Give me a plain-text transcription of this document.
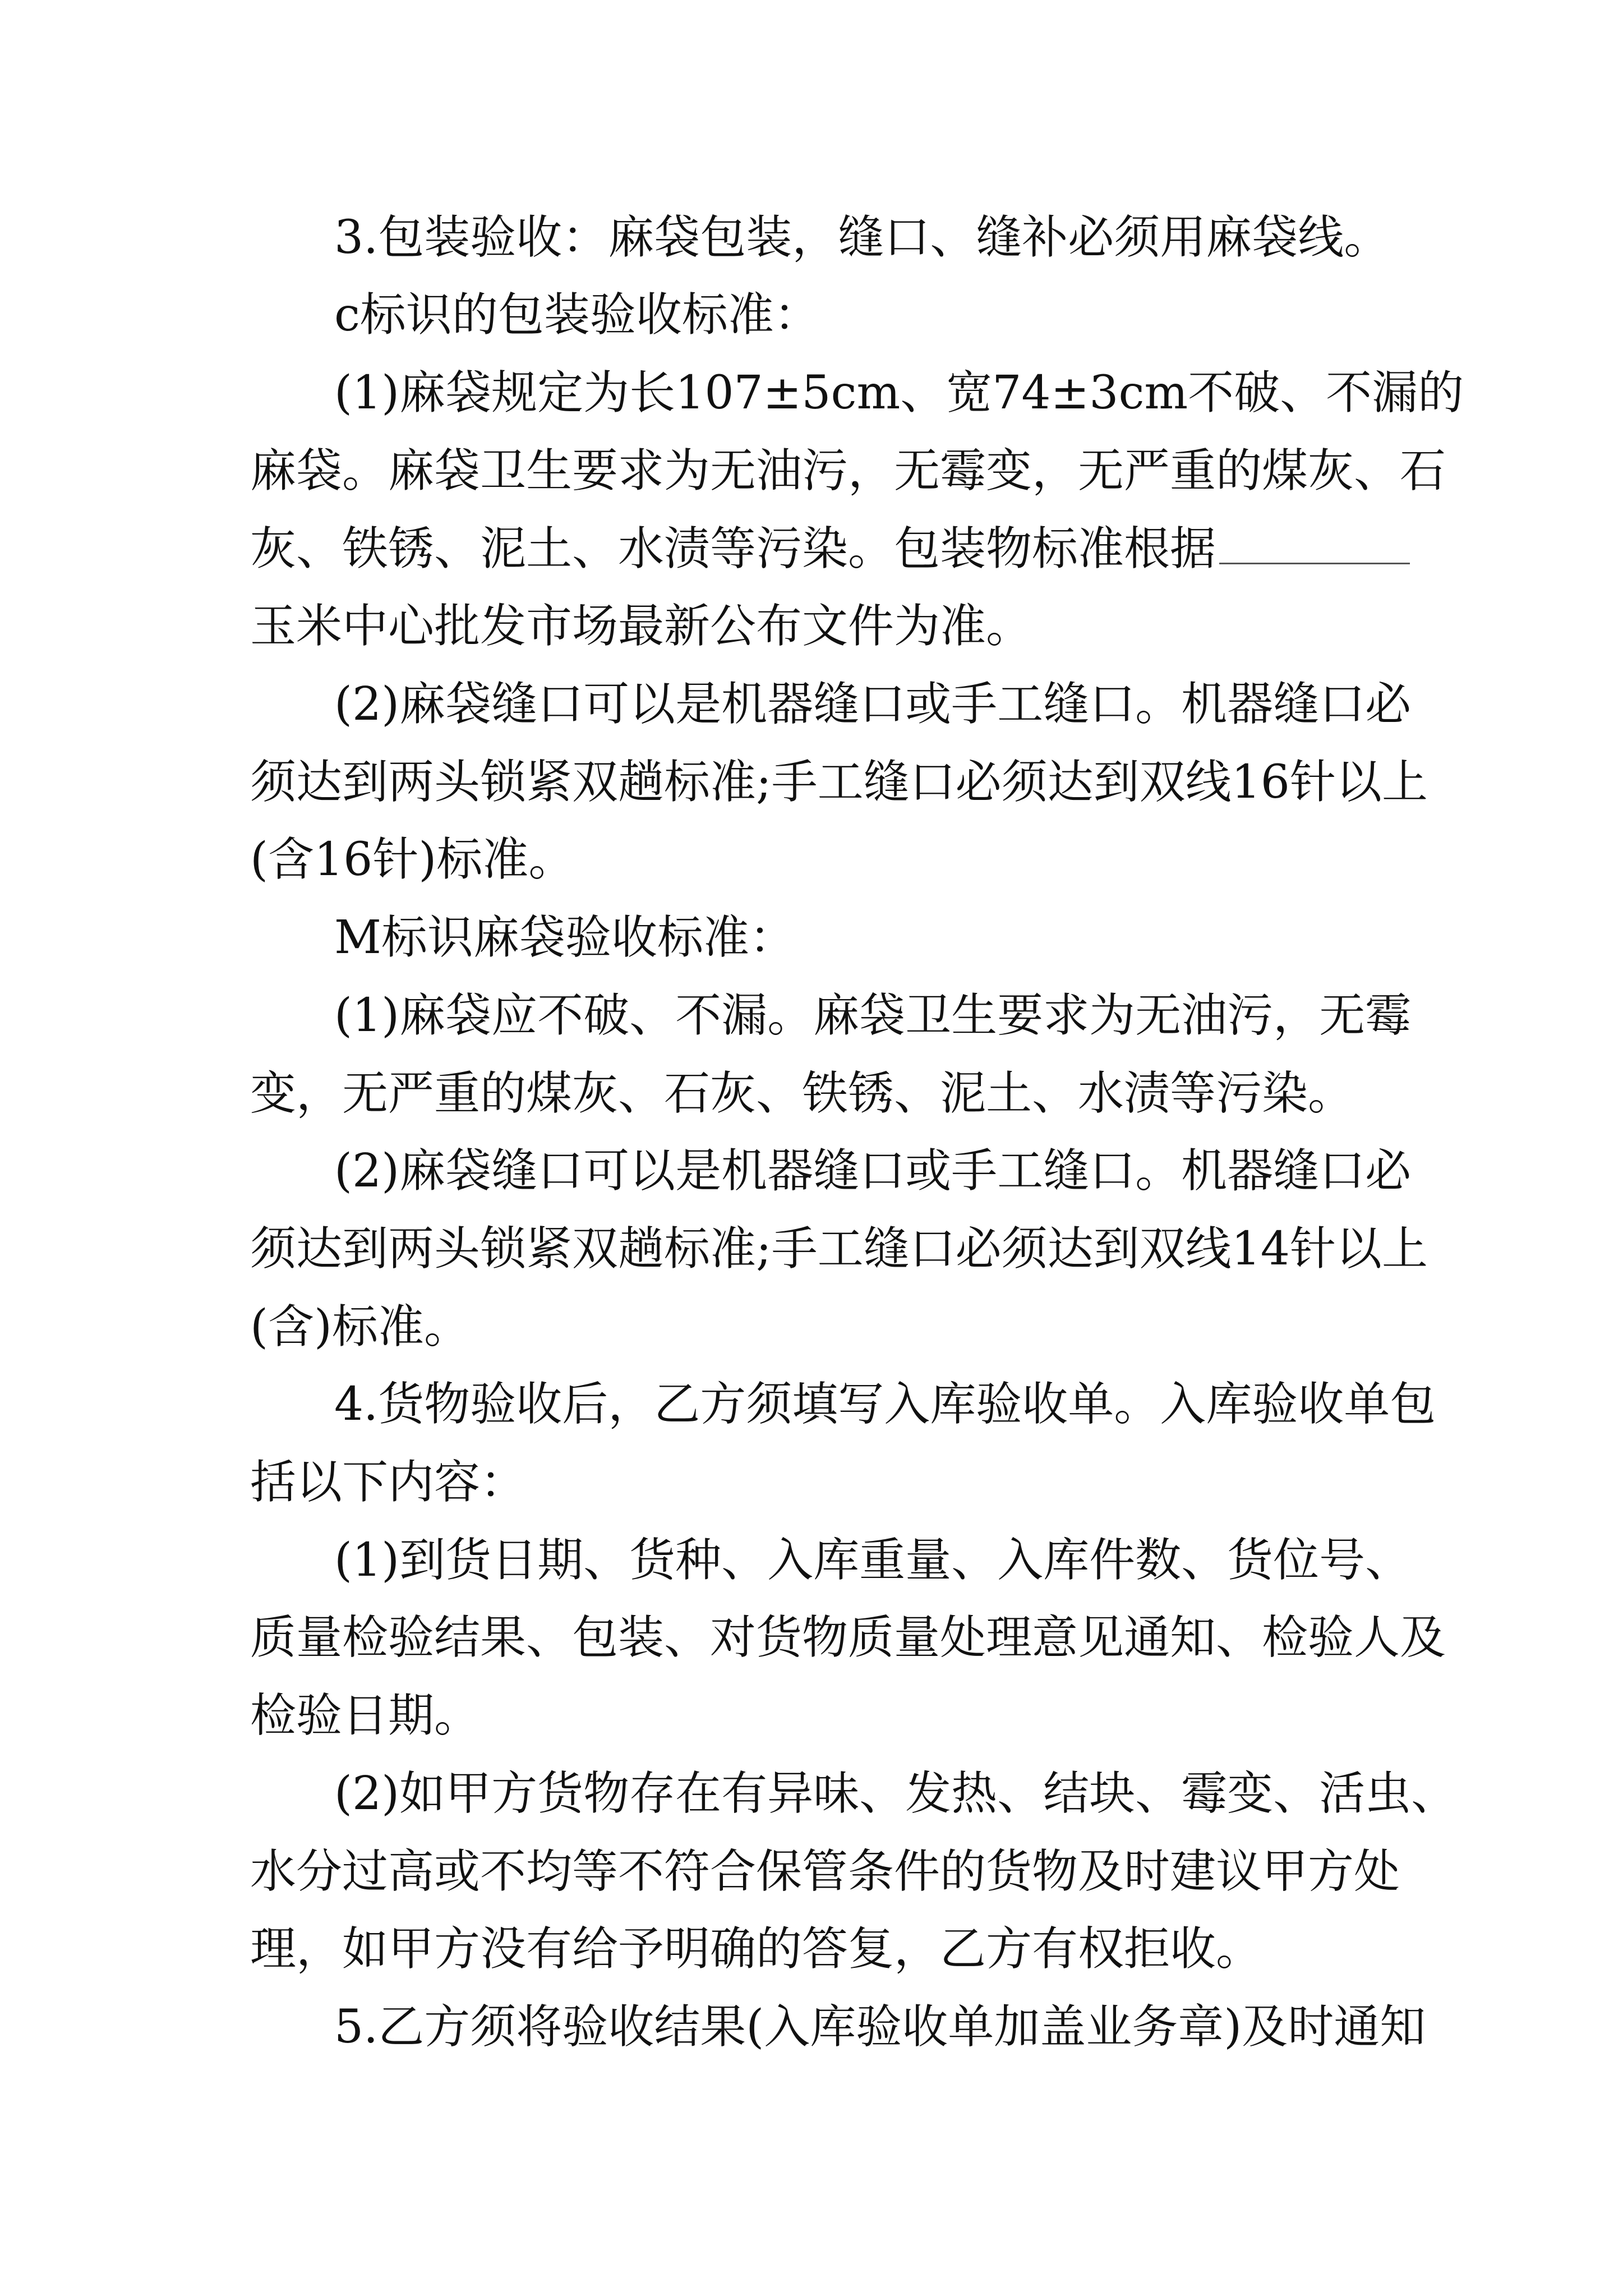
3.包装验收：麻袋包装，缝口、缝补必须用麻袋线。

c标识的包装验收标准：

(1)麻袋规定为长107±5cm、宽74±3cm不破、不漏的

麻袋。麻袋卫生要求为无油污，无霉变，无严重的煤灰、石

灰、铁锈、泥土、水渍等污染。包装物标准根据

玉米中心批发市场最新公布文件为准。

(2)麻袋缝口可以是机器缝口或手工缝口。机器缝口必

须达到两头锁紧双趟标准;手工缝口必须达到双线16针以上

(含16针)标准。

M标识麻袋验收标准：

(1)麻袋应不破、不漏。麻袋卫生要求为无油污，无霉

变，无严重的煤灰、石灰、铁锈、泥土、水渍等污染。

(2)麻袋缝口可以是机器缝口或手工缝口。机器缝口必

须达到两头锁紧双趟标准;手工缝口必须达到双线14针以上

(含)标准。

4.货物验收后，乙方须填写入库验收单。入库验收单包

括以下内容：

(1)到货日期、货种、入库重量、入库件数、货位号、

质量检验结果、包装、对货物质量处理意见通知、检验人及

检验日期。

(2)如甲方货物存在有异味、发热、结块、霉变、活虫、

水分过高或不均等不符合保管条件的货物及时建议甲方处

理，如甲方没有给予明确的答复，乙方有权拒收。

5.乙方须将验收结果(入库验收单加盖业务章)及时通知
